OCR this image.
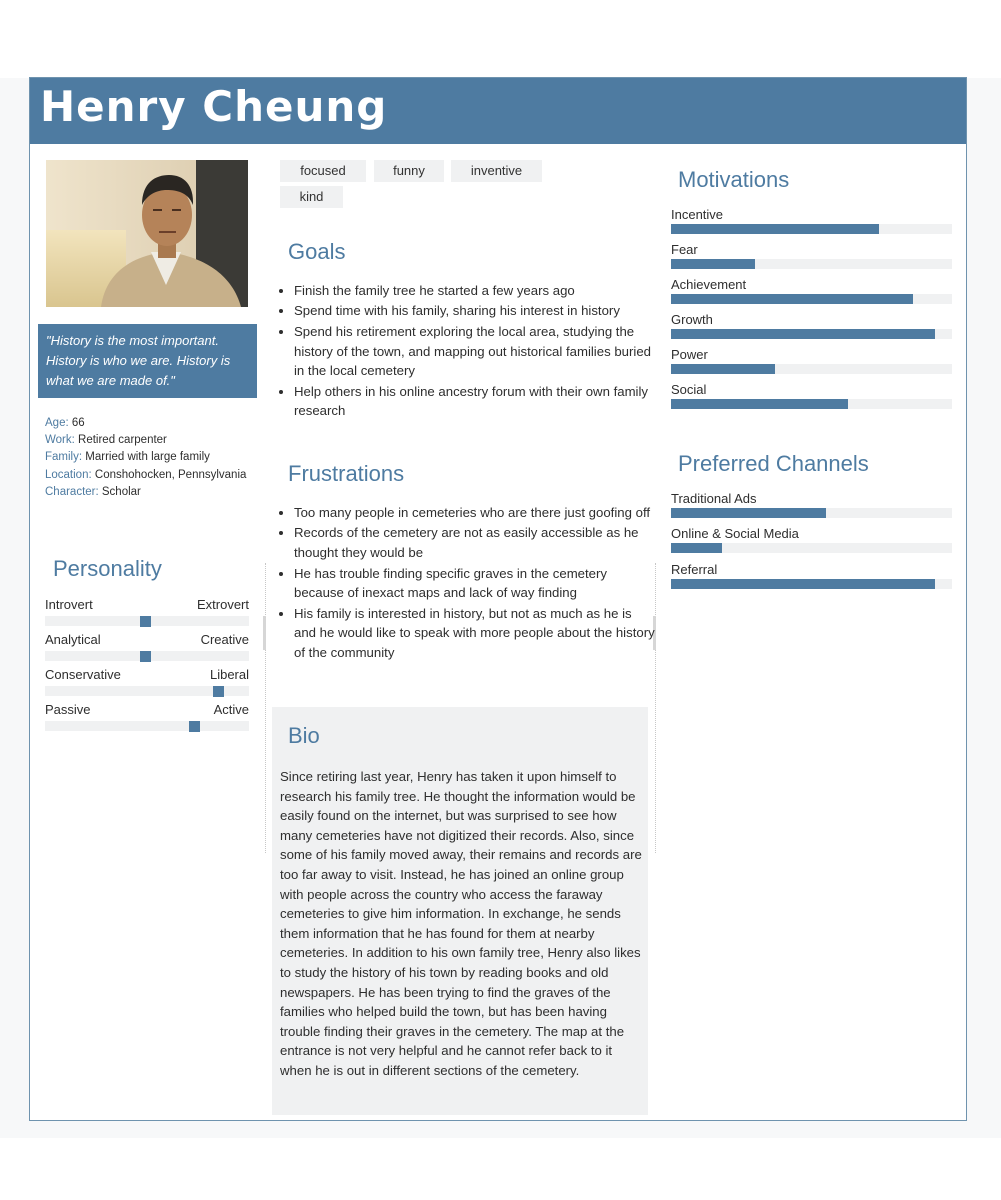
Henry Cheung
"History is the most important. History is who we are. History is what we are made of."
Age: 66
Work: Retired carpenter
Family: Married with large family
Location: Conshohocken, Pennsylvania
Character: Scholar
Personality
Introvert	Extrovert
Analytical	Creative
Conservative	Liberal
Passive	Active
focused	funny	inventive
kind
Goals
• Finish the family tree he started a few years ago
• Spend time with his family, sharing his interest in history
• Spend his retirement exploring the local area, studying the history of the town, and mapping out historical families buried in the local cemetery
• Help others in his online ancestry forum with their own family research
Frustrations
• Too many people in cemeteries who are there just goofing off
• Records of the cemetery are not as easily accessible as he thought they would be
• He has trouble finding specific graves in the cemetery because of inexact maps and lack of way finding
• His family is interested in history, but not as much as he is and he would like to speak with more people about the history of the community
Bio

Since retiring last year, Henry has taken it upon himself to research his family tree. He thought the information would be easily found on the internet, but was surprised to see how many cemeteries have not digitized their records. Also, since some of his family moved away, their remains and records are too far away to visit. Instead, he has joined an online group with people across the country who access the faraway cemeteries to give him information. In exchange, he sends them information that he has found for them at nearby cemeteries. In addition to his own family tree, Henry also likes to study the history of his town by reading books and old newspapers. He has been trying to find the graves of the families who helped build the town, but has been having trouble finding their graves in the cemetery. The map at the entrance is not very helpful and he cannot refer back to it when he is out in different sections of the cemetery.

Motivations
Incentive
Fear
Achievement
Growth
Power
Social
Preferred Channels
Traditional Ads
Online & Social Media
Referral
